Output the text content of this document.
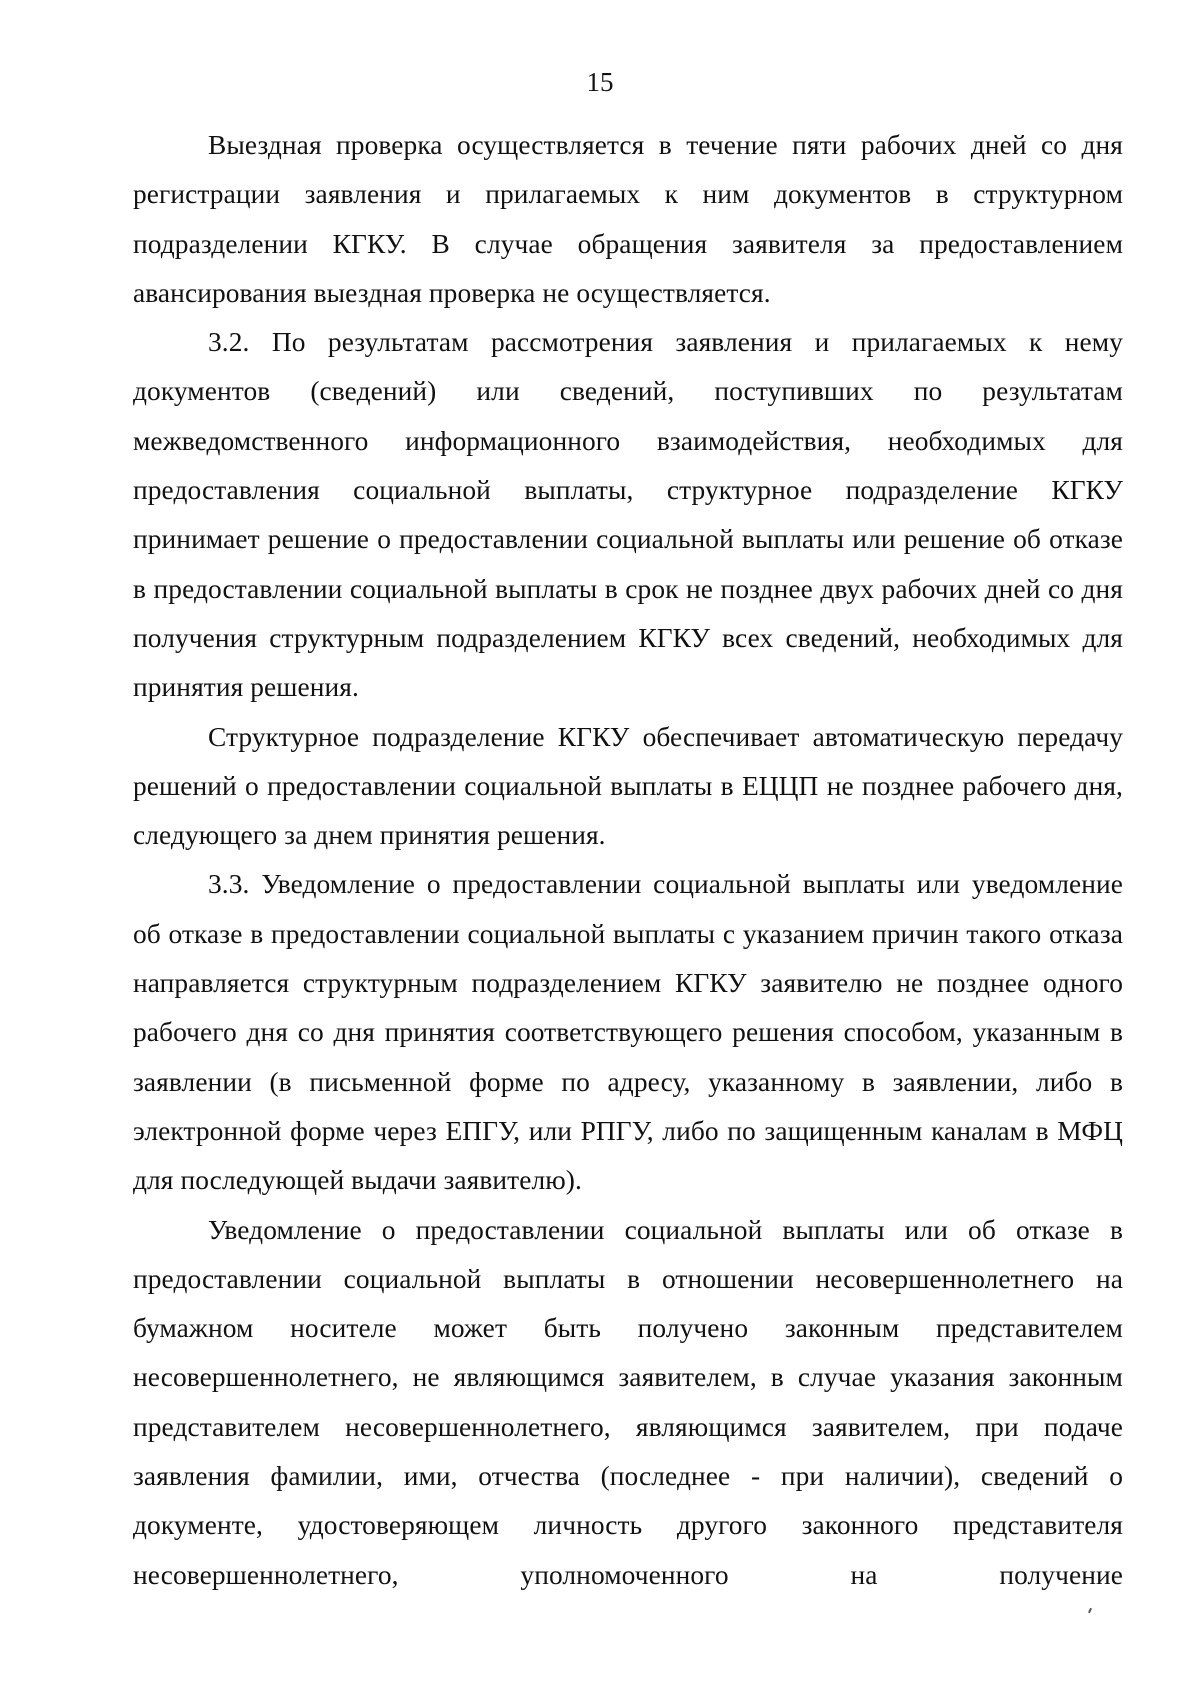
15

Выездная проверка осуществляется в течение пяти рабочих дней со дня регистрации заявления и прилагаемых к ним документов в структурном подразделении КГКУ. В случае обращения заявителя за предоставлением авансирования выездная проверка не осуществляется.

3.2. По результатам рассмотрения заявления и прилагаемых к нему документов (сведений) или сведений, поступивших по результатам межведомственного информационного взаимодействия, необходимых для предоставления социальной выплаты, структурное подразделение КГКУ принимает решение о предоставлении социальной выплаты или решение об отказе в предоставлении социальной выплаты в срок не позднее двух рабочих дней со дня получения структурным подразделением КГКУ всех сведений, необходимых для принятия решения.

Структурное подразделение КГКУ обеспечивает автоматическую передачу решений о предоставлении социальной выплаты в ЕЦЦП не позднее рабочего дня, следующего за днем принятия решения.

3.3. Уведомление о предоставлении социальной выплаты или уведомление об отказе в предоставлении социальной выплаты с указанием причин такого отказа направляется структурным подразделением КГКУ заявителю не позднее одного рабочего дня со дня принятия соответствующего решения способом, указанным в заявлении (в письменной форме по адресу, указанному в заявлении, либо в электронной форме через ЕПГУ, или РПГУ, либо по защищенным каналам в МФЦ для последующей выдачи заявителю).

Уведомление о предоставлении социальной выплаты или об отказе в предоставлении социальной выплаты в отношении несовершеннолетнего на бумажном носителе может быть получено законным представителем несовершеннолетнего, не являющимся заявителем, в случае указания законным представителем несовершеннолетнего, являющимся заявителем, при подаче заявления фамилии, ими, отчества (последнее - при наличии), сведений о документе, удостоверяющем личность другого законного представителя несовершеннолетнего, уполномоченного на получение
